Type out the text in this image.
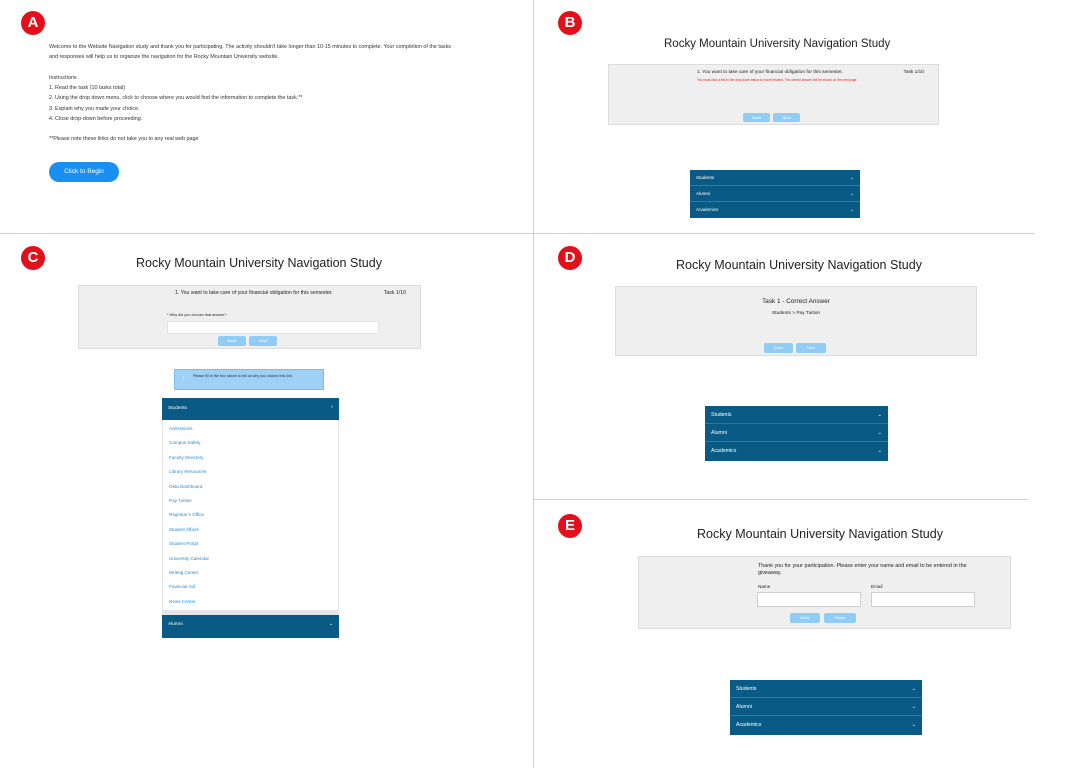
A
Welcome to the Website Navigation study and thank you for participating. The activity shouldn't take longer than 10-15 minutes to complete. Your completion of the tasks
and responses will help us to organize the navigation for the Rocky Mountain University website.
Instructions
1. Read the task (10 tasks total)
2. Using the drop down menu, click to choose where you would find the information to complete the task.**
3. Explain why you made your choice.
4. Close drop-down before proceeding.
**Please note these links do not take you to any real web page
Click to Begin
B
Rocky Mountain University Navigation Study
1. You want to take care of your financial obligation for this semester.	Task 1/10
You must click a link in the drop down below to move forward. The correct answer will be shown on the next page.
Back	Next
Students	⌄
Alumni	⌄
Academics	⌄
C	Rocky Mountain University Navigation Study
1. You want to take care of your financial obligation for this semester.	Task 1/10
* Why did you choose that answer?
Back	Next
↑ Please fill in the box above to tell us why you clicked this link.
Students	^
Admissions
Campus Safety
Faculty Directory
Library Resources
Okta Dashboard
Pay Tuition
Registrar's Office
Student Affairs
Student Portal
University Calendar
Writing Center
Financial Aid
News Center
Alumni	⌄
D	Rocky Mountain University Navigation Study
Task 1 - Correct Answer
Students > Pay Tuition
Back	Next
Students	⌄
Alumni	⌄
Academics	⌄
E	Rocky Mountain University Navigation Study
Thank you for your participation. Please enter your name and email to be entered in the giveaway.
Name	Email
Back	Finish
Students	⌄
Alumni	⌄
Academics	⌄
